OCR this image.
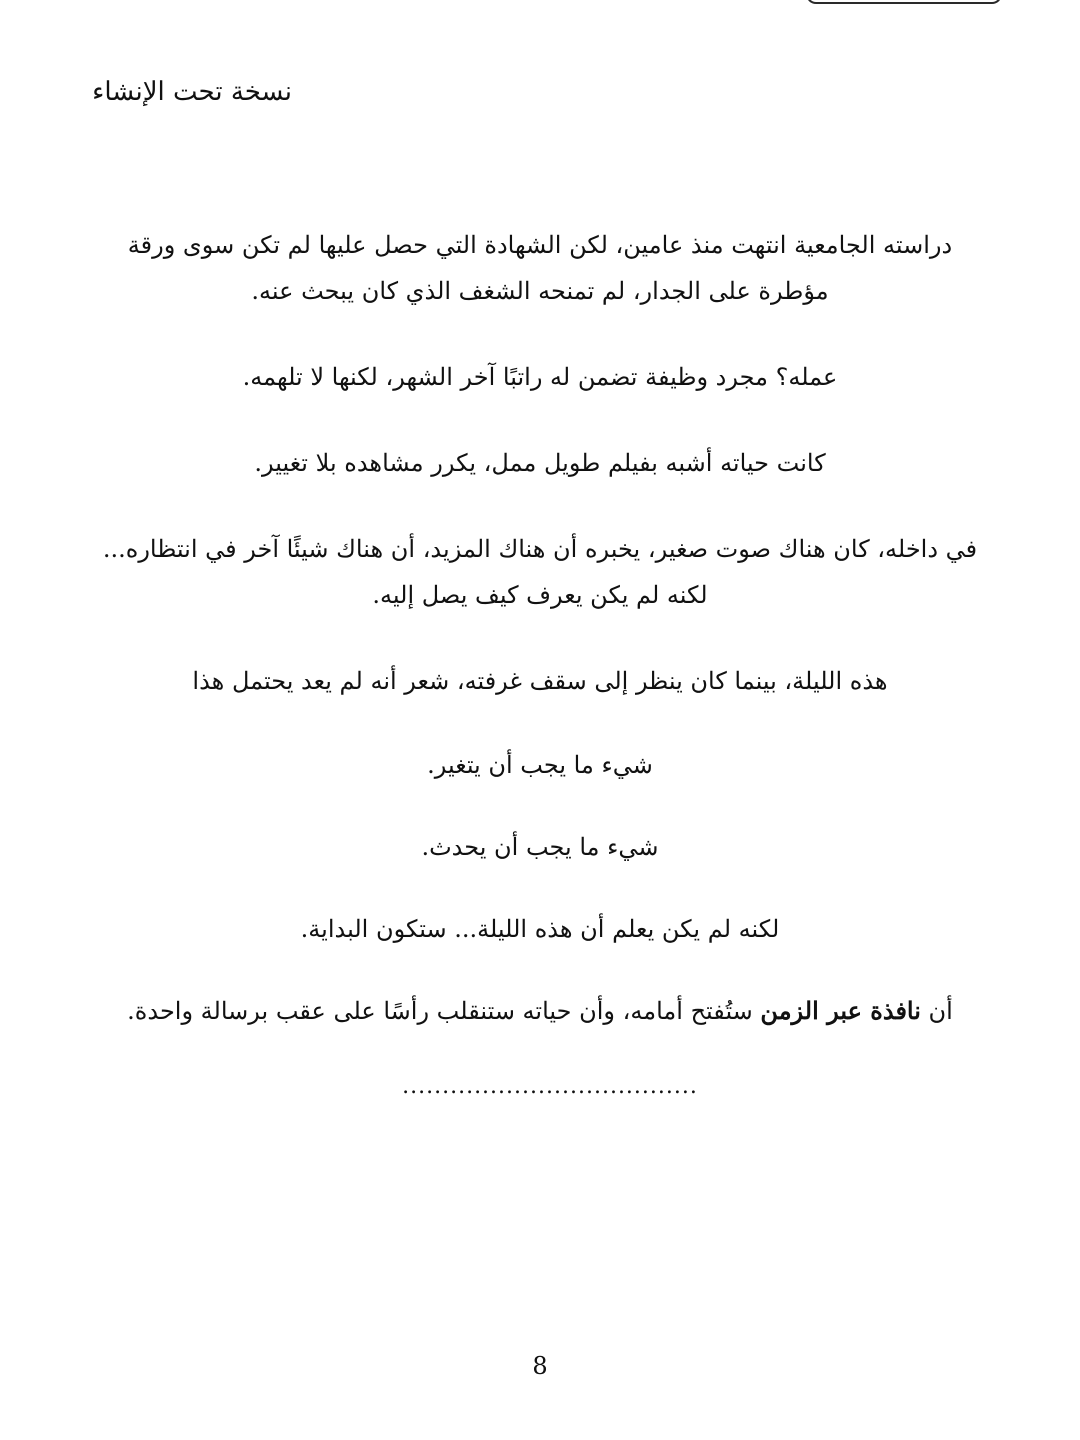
نسخة تحت الإنشاء

دراسته الجامعية انتهت منذ عامين، لكن الشهادة التي حصل عليها لم تكن سوى ورقة مؤطرة على الجدار، لم تمنحه الشغف الذي كان يبحث عنه.

عمله؟ مجرد وظيفة تضمن له راتبًا آخر الشهر، لكنها لا تلهمه.

كانت حياته أشبه بفيلم طويل ممل، يكرر مشاهده بلا تغيير.

في داخله، كان هناك صوت صغير، يخبره أن هناك المزيد، أن هناك شيئًا آخر في انتظاره... لكنه لم يكن يعرف كيف يصل إليه.

هذه الليلة، بينما كان ينظر إلى سقف غرفته، شعر أنه لم يعد يحتمل هذا

شيء ما يجب أن يتغير.

شيء ما يجب أن يحدث.

لكنه لم يكن يعلم أن هذه الليلة... ستكون البداية.

أن نافذة عبر الزمن ستُفتح أمامه، وأن حياته ستنقلب رأسًا على عقب برسالة واحدة.

.....................................

8
